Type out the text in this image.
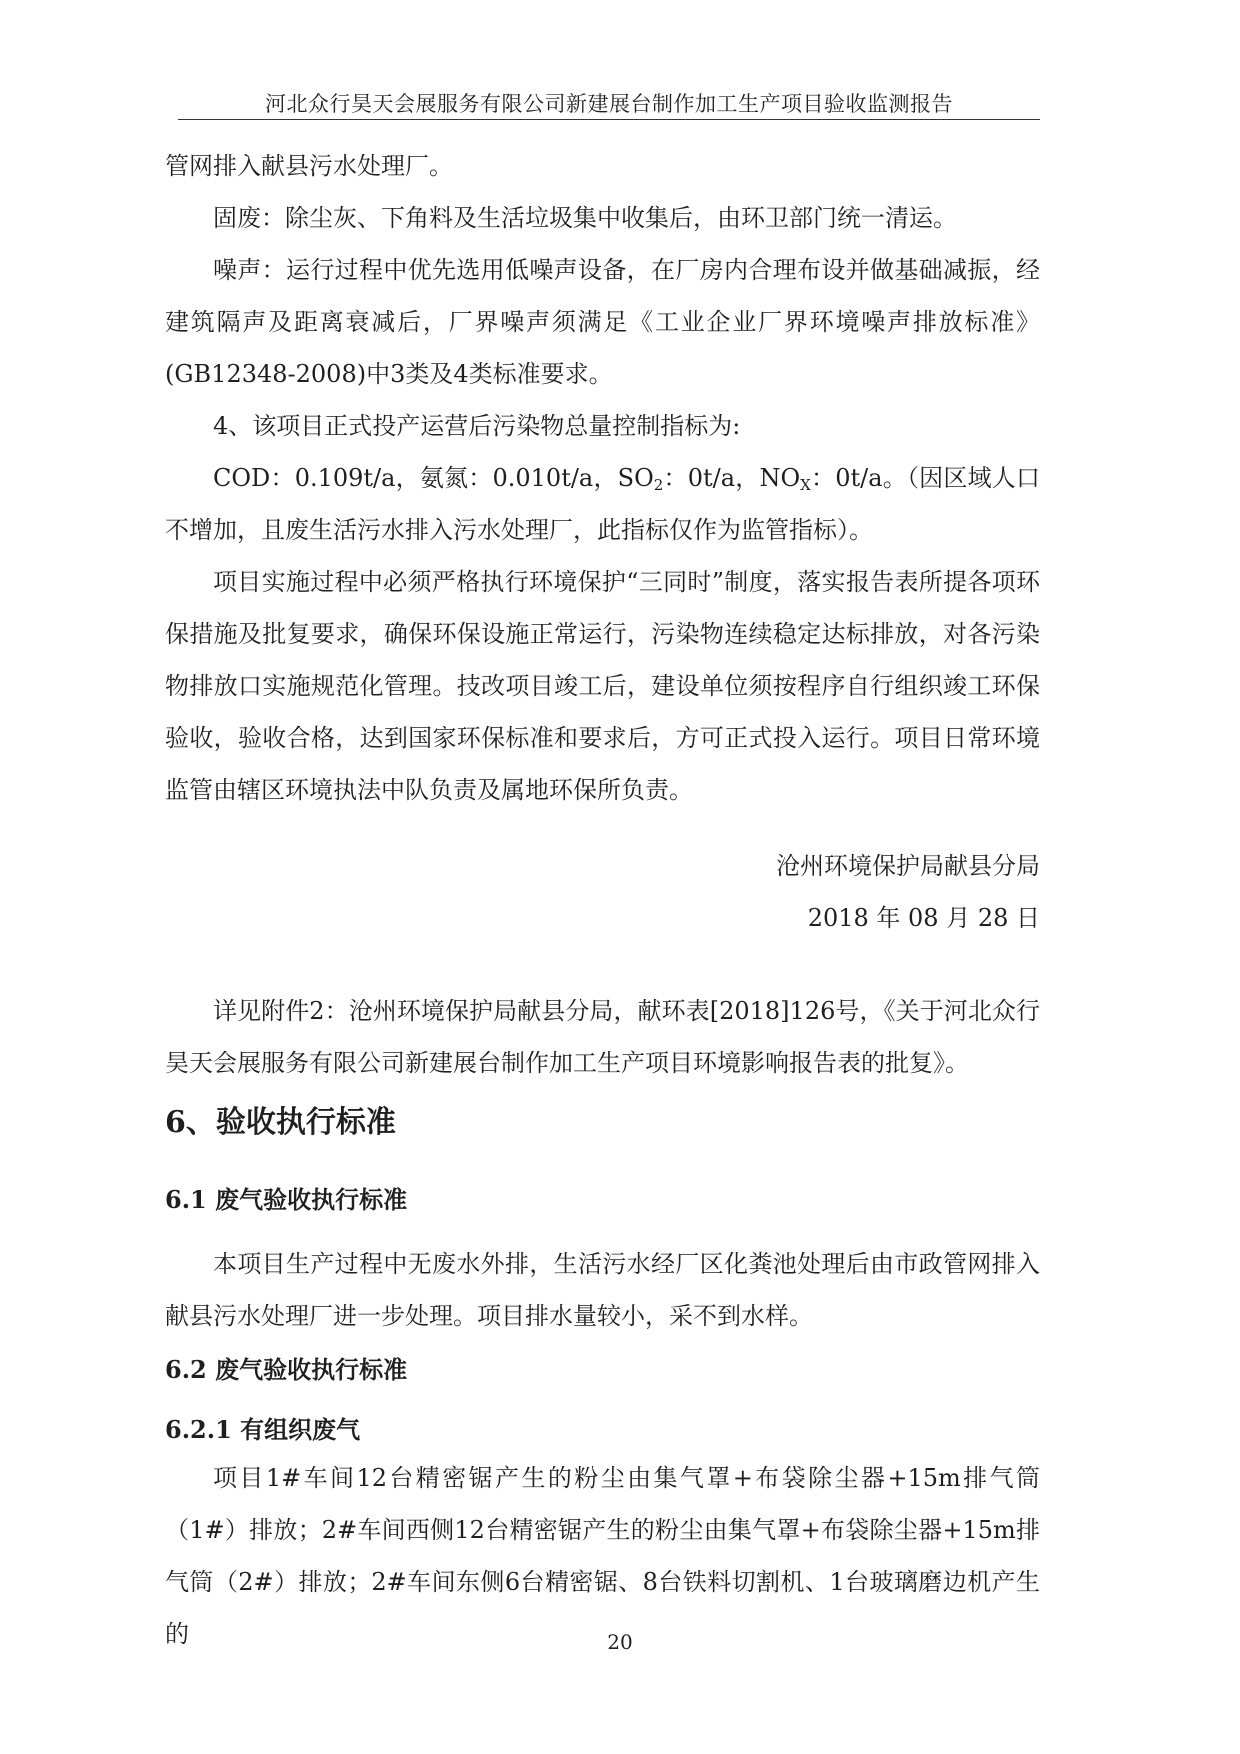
河北众行昊天会展服务有限公司新建展台制作加工生产项目验收监测报告

管网排入献县污水处理厂。

固废：除尘灰、下角料及生活垃圾集中收集后，由环卫部门统一清运。

噪声：运行过程中优先选用低噪声设备，在厂房内合理布设并做基础减振，经建筑隔声及距离衰减后，厂界噪声须满足《工业企业厂界环境噪声排放标准》(GB12348-2008)中3类及4类标准要求。

4、该项目正式投产运营后污染物总量控制指标为:

COD：0.109t/a，氨氮：0.010t/a，$SO_2$：0t/a，$NO_X$：0t/a。（因区域人口不增加，且废生活污水排入污水处理厂，此指标仅作为监管指标）。

项目实施过程中必须严格执行环境保护“三同时”制度，落实报告表所提各项环保措施及批复要求，确保环保设施正常运行，污染物连续稳定达标排放，对各污染物排放口实施规范化管理。技改项目竣工后，建设单位须按程序自行组织竣工环保验收，验收合格，达到国家环保标准和要求后，方可正式投入运行。项目日常环境监管由辖区环境执法中队负责及属地环保所负责。

沧州环境保护局献县分局
2018 年 08 月 28 日

详见附件2：沧州环境保护局献县分局，献环表[2018]126号，《关于河北众行昊天会展服务有限公司新建展台制作加工生产项目环境影响报告表的批复》。

6、验收执行标准
6.1 废气验收执行标准

本项目生产过程中无废水外排，生活污水经厂区化粪池处理后由市政管网排入献县污水处理厂进一步处理。项目排水量较小，采不到水样。

6.2 废气验收执行标准
6.2.1 有组织废气

项目1#车间12台精密锯产生的粉尘由集气罩+布袋除尘器+15m排气筒（1#）排放；2#车间西侧12台精密锯产生的粉尘由集气罩+布袋除尘器+15m排气筒（2#）排放；2#车间东侧6台精密锯、8台铁料切割机、1台玻璃磨边机产生的	20
